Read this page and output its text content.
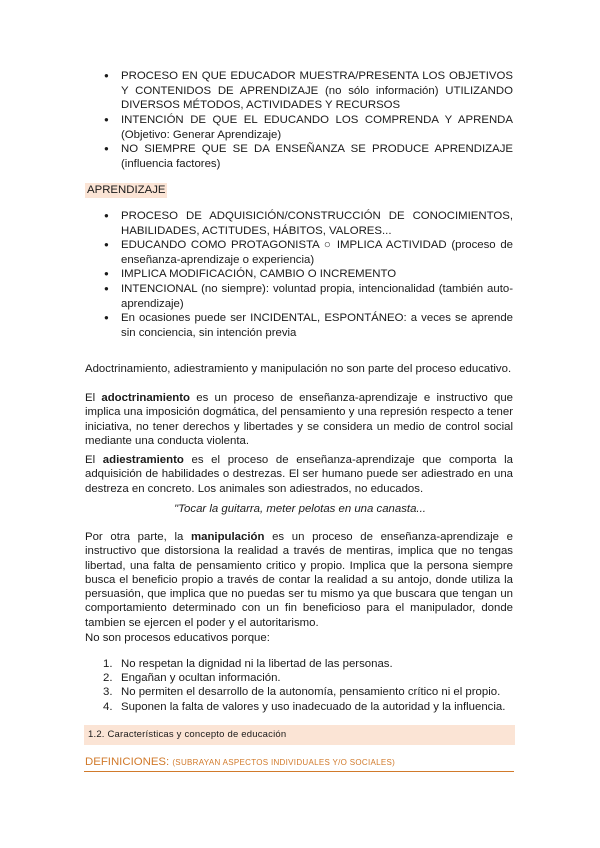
● PROCESO EN QUE EDUCADOR MUESTRA/PRESENTA LOS OBJETIVOS Y CONTENIDOS DE APRENDIZAJE (no sólo información) UTILIZANDO DIVERSOS MÉTODOS, ACTIVIDADES Y RECURSOS
● INTENCIÓN DE QUE EL EDUCANDO LOS COMPRENDA Y APRENDA (Objetivo: Generar Aprendizaje)
● NO SIEMPRE QUE SE DA ENSEÑANZA SE PRODUCE APRENDIZAJE (influencia factores)
APRENDIZAJE
● PROCESO DE ADQUISICIÓN/CONSTRUCCIÓN DE CONOCIMIENTOS, HABILIDADES, ACTITUDES, HÁBITOS, VALORES...
● EDUCANDO COMO PROTAGONISTA ○ IMPLICA ACTIVIDAD (proceso de enseñanza-aprendizaje o experiencia)
● IMPLICA MODIFICACIÓN, CAMBIO O INCREMENTO
● INTENCIONAL (no siempre): voluntad propia, intencionalidad (también auto-aprendizaje)
● En ocasiones puede ser INCIDENTAL, ESPONTÁNEO: a veces se aprende sin conciencia, sin intención previa

Adoctrinamiento, adiestramiento y manipulación no son parte del proceso educativo.

El adoctrinamiento es un proceso de enseñanza-aprendizaje e instructivo que implica una imposición dogmática, del pensamiento y una represión respecto a tener iniciativa, no tener derechos y libertades y se considera un medio de control social mediante una conducta violenta.

El adiestramiento es el proceso de enseñanza-aprendizaje que comporta la adquisición de habilidades o destrezas. El ser humano puede ser adiestrado en una destreza en concreto. Los animales son adiestrados, no educados.

"Tocar la guitarra, meter pelotas en una canasta...

Por otra parte, la manipulación es un proceso de enseñanza-aprendizaje e instructivo que distorsiona la realidad a través de mentiras, implica que no tengas libertad, una falta de pensamiento critico y propio. Implica que la persona siempre busca el beneficio propio a través de contar la realidad a su antojo, donde utiliza la persuasión, que implica que no puedas ser tu mismo ya que buscara que tengan un comportamiento determinado con un fin beneficioso para el manipulador, donde tambien se ejercen el poder y el autoritarismo.

No son procesos educativos porque:

1. No respetan la dignidad ni la libertad de las personas.
2. Engañan y ocultan información.
3. No permiten el desarrollo de la autonomía, pensamiento crítico ni el propio.
4. Suponen la falta de valores y uso inadecuado de la autoridad y la influencia.
1.2. Características y concepto de educación
DEFINICIONES: (SUBRAYAN ASPECTOS INDIVIDUALES Y/O SOCIALES)
